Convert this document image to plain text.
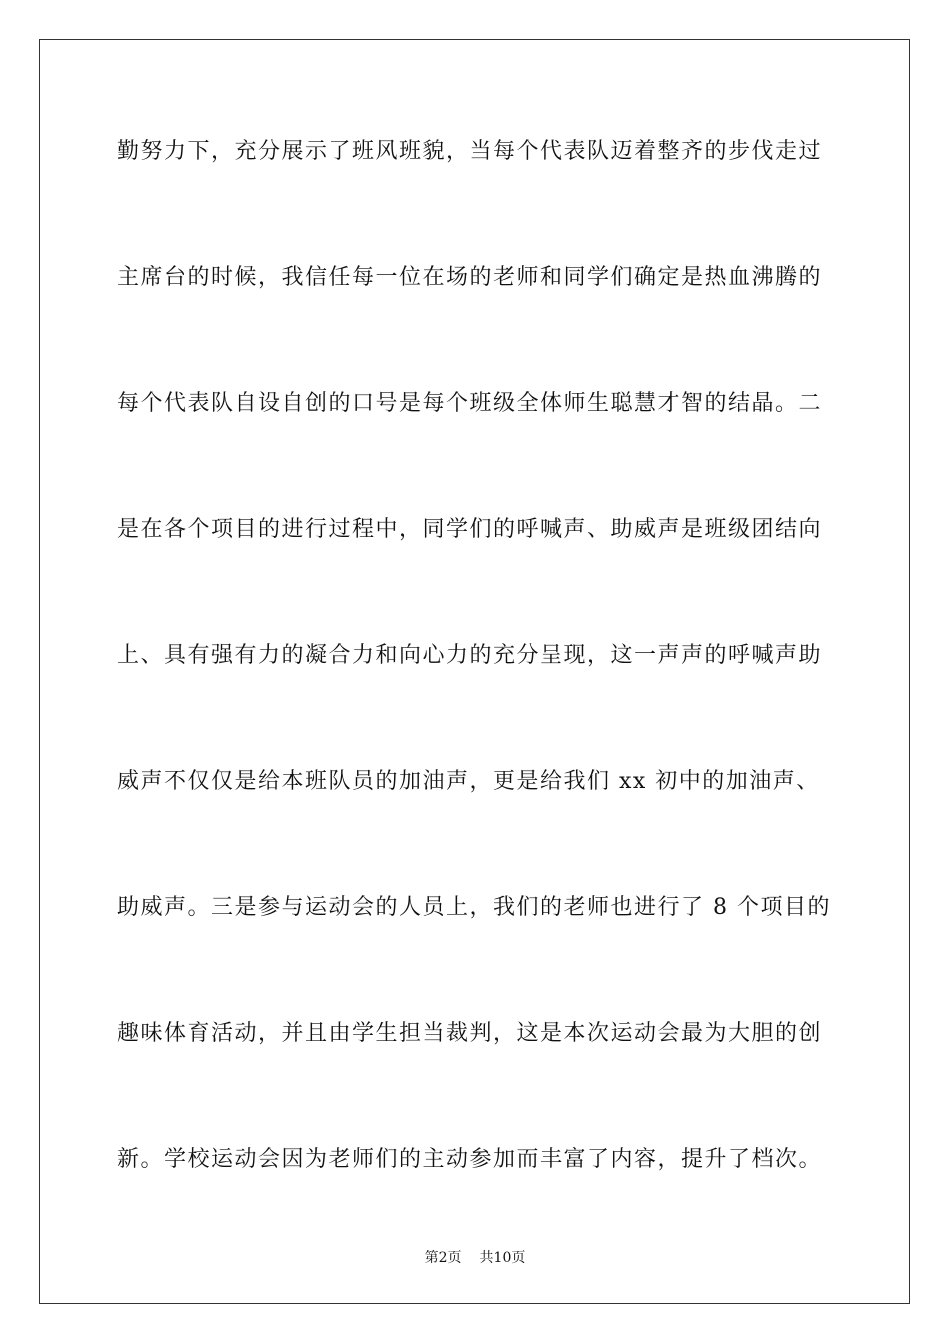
勤努力下，充分展示了班风班貌，当每个代表队迈着整齐的步伐走过

主席台的时候，我信任每一位在场的老师和同学们确定是热血沸腾的

每个代表队自设自创的口号是每个班级全体师生聪慧才智的结晶。二

是在各个项目的进行过程中，同学们的呼喊声、助威声是班级团结向

上、具有强有力的凝合力和向心力的充分呈现，这一声声的呼喊声助

威声不仅仅是给本班队员的加油声，更是给我们 xx 初中的加油声、

助威声。三是参与运动会的人员上，我们的老师也进行了 8 个项目的

趣味体育活动，并且由学生担当裁判，这是本次运动会最为大胆的创

新。学校运动会因为老师们的主动参加而丰富了内容，提升了档次。

第2页 共10页
